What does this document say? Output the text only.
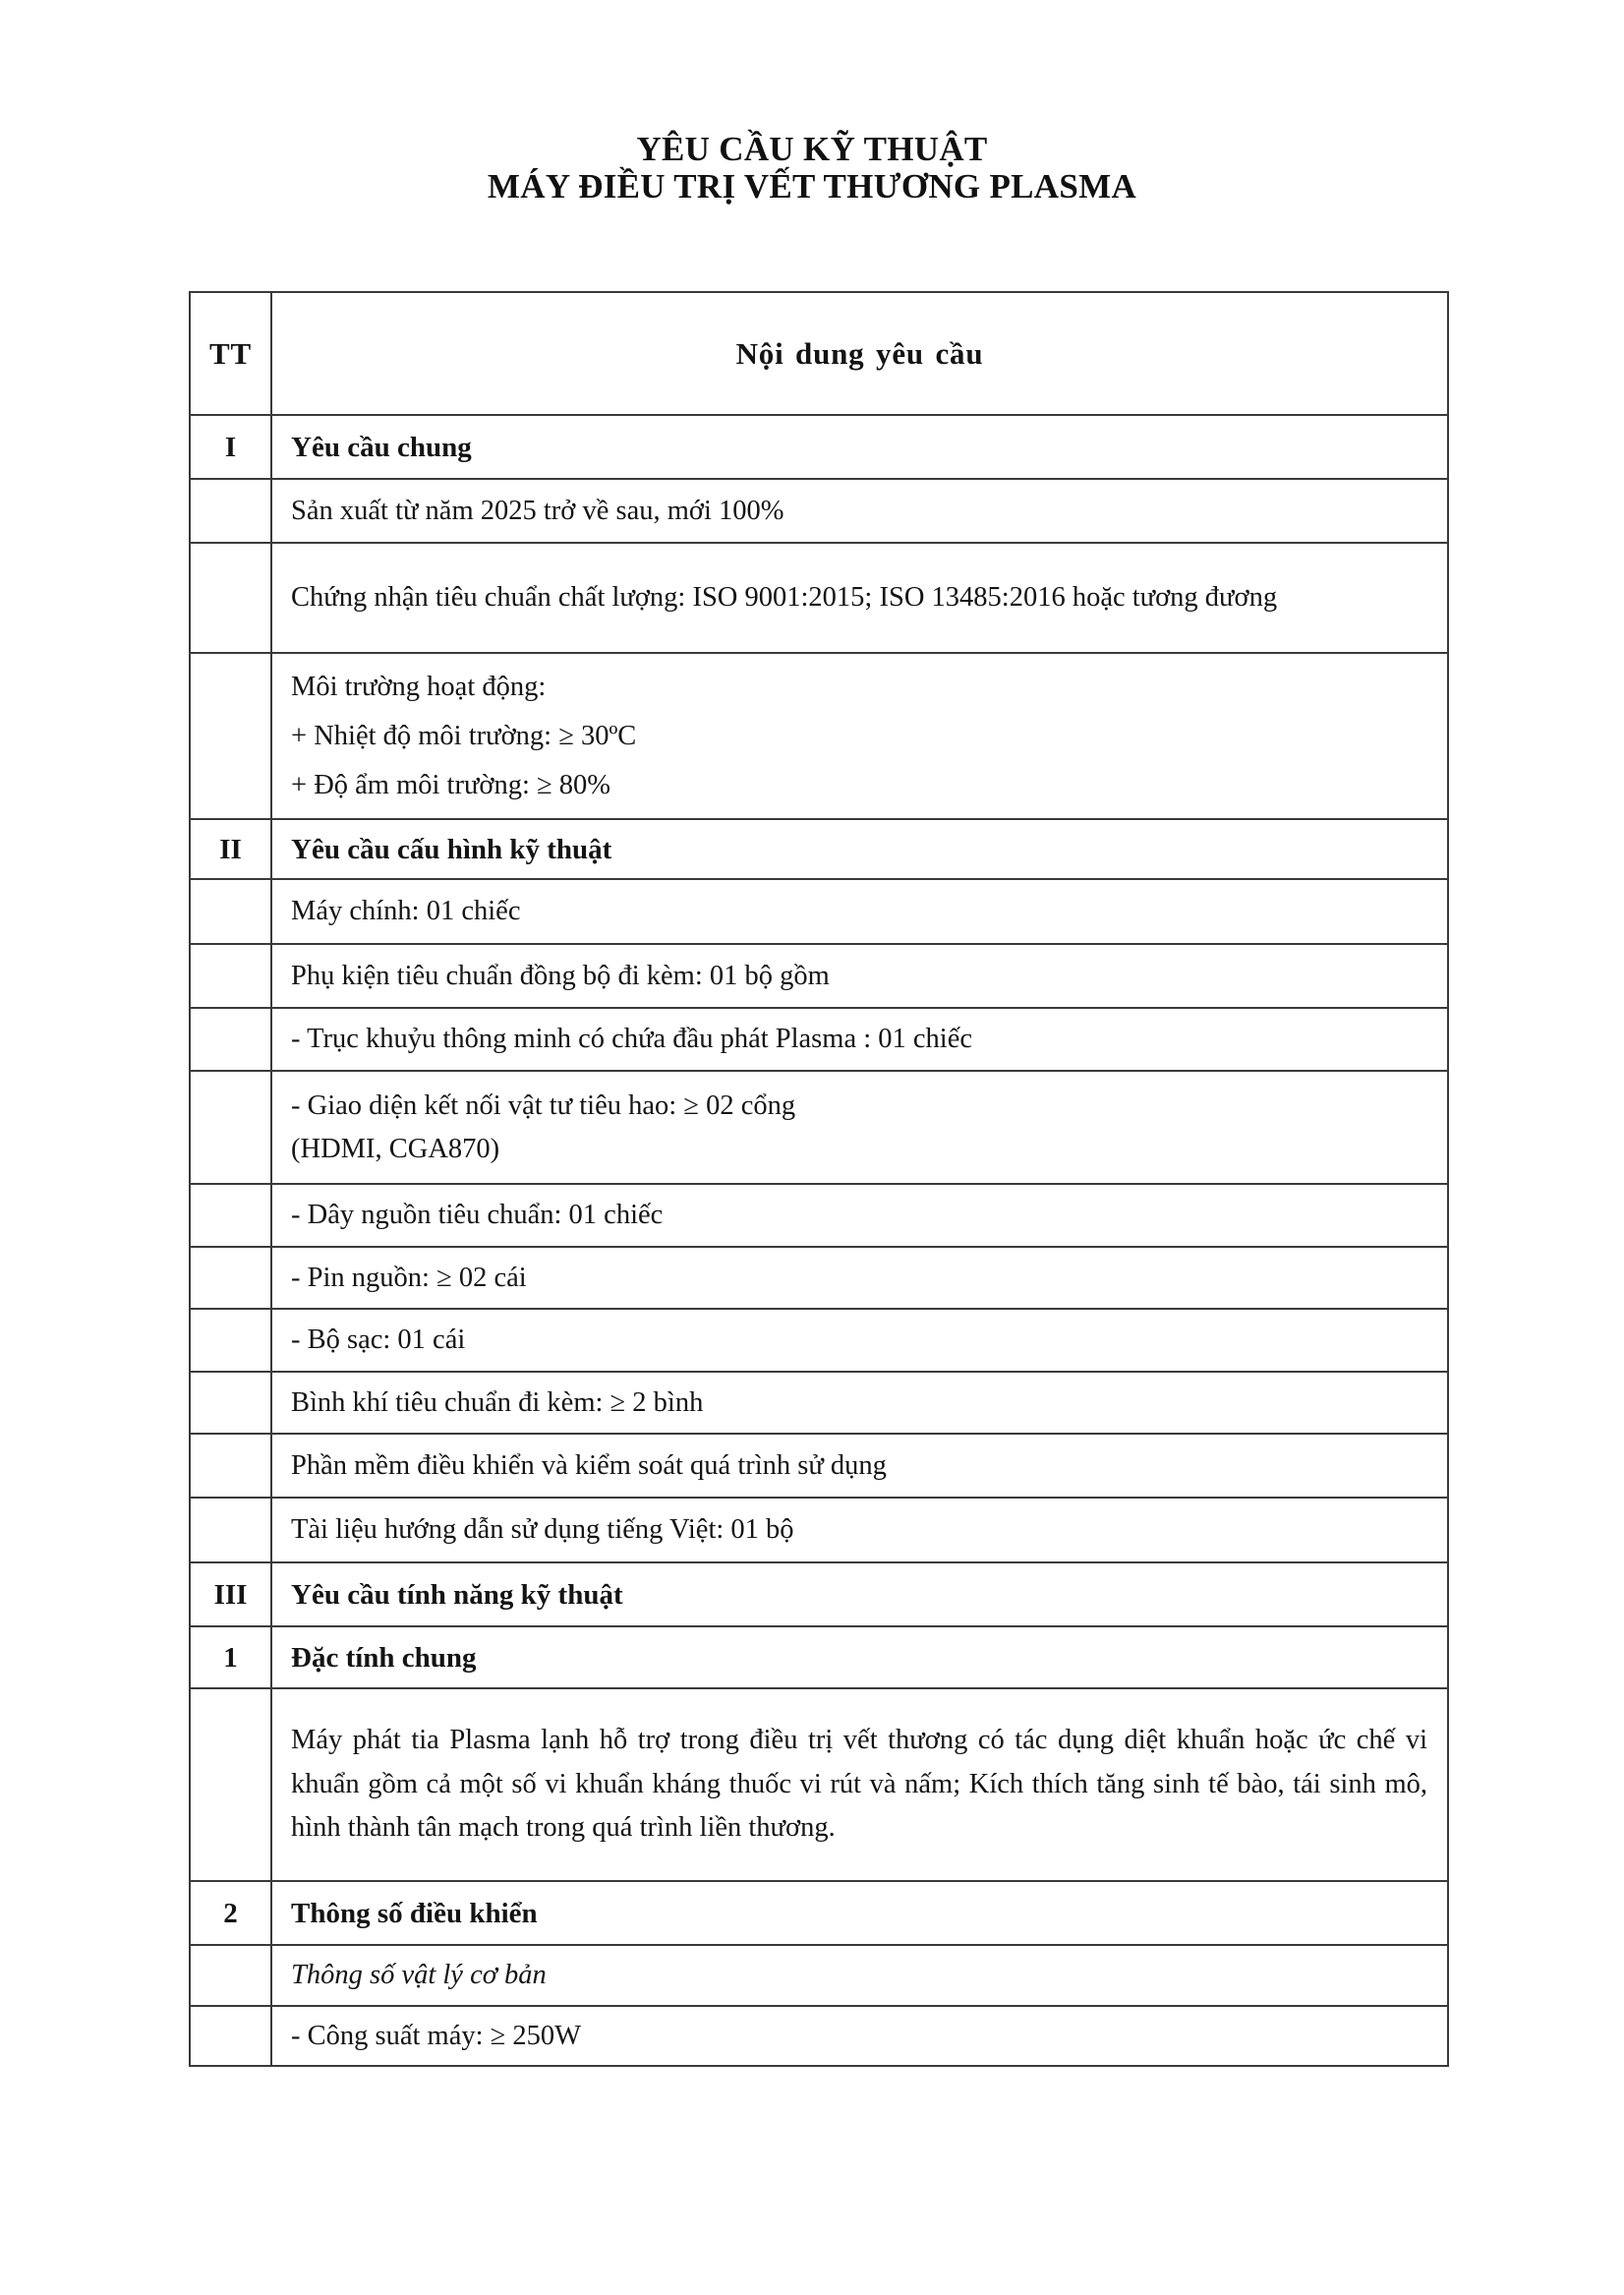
YÊU CẦU KỸ THUẬT
MÁY ĐIỀU TRỊ VẾT THƯƠNG PLASMA
TT	Nội dung yêu cầu
I	Yêu cầu chung
	Sản xuất từ năm 2025 trở về sau, mới 100%
	Chứng nhận tiêu chuẩn chất lượng: ISO 9001:2015; ISO 13485:2016 hoặc tương đương

	Môi trường hoạt động:
+ Nhiệt độ môi trường: ≥ 30ºC
+ Độ ẩm môi trường: ≥ 80%

II	Yêu cầu cấu hình kỹ thuật
	Máy chính: 01 chiếc
	Phụ kiện tiêu chuẩn đồng bộ đi kèm: 01 bộ gồm
	- Trục khuỷu thông minh có chứa đầu phát Plasma : 01 chiếc

	- Giao diện kết nối vật tư tiêu hao: ≥ 02 cổng
(HDMI, CGA870)

	- Dây nguồn tiêu chuẩn: 01 chiếc
	- Pin nguồn: ≥ 02 cái
	- Bộ sạc: 01 cái
	Bình khí tiêu chuẩn đi kèm: ≥ 2 bình
	Phần mềm điều khiển và kiểm soát quá trình sử dụng
	Tài liệu hướng dẫn sử dụng tiếng Việt: 01 bộ
III	Yêu cầu tính năng kỹ thuật
1	Đặc tính chung
	Máy phát tia Plasma lạnh hỗ trợ trong điều trị vết thương có tác dụng diệt khuẩn hoặc ức chế vi khuẩn gồm cả một số vi khuẩn kháng thuốc vi rút và nấm; Kích thích tăng sinh tế bào, tái sinh mô, hình thành tân mạch trong quá trình liền thương.
2	Thông số điều khiển
	Thông số vật lý cơ bản
	- Công suất máy: ≥ 250W
